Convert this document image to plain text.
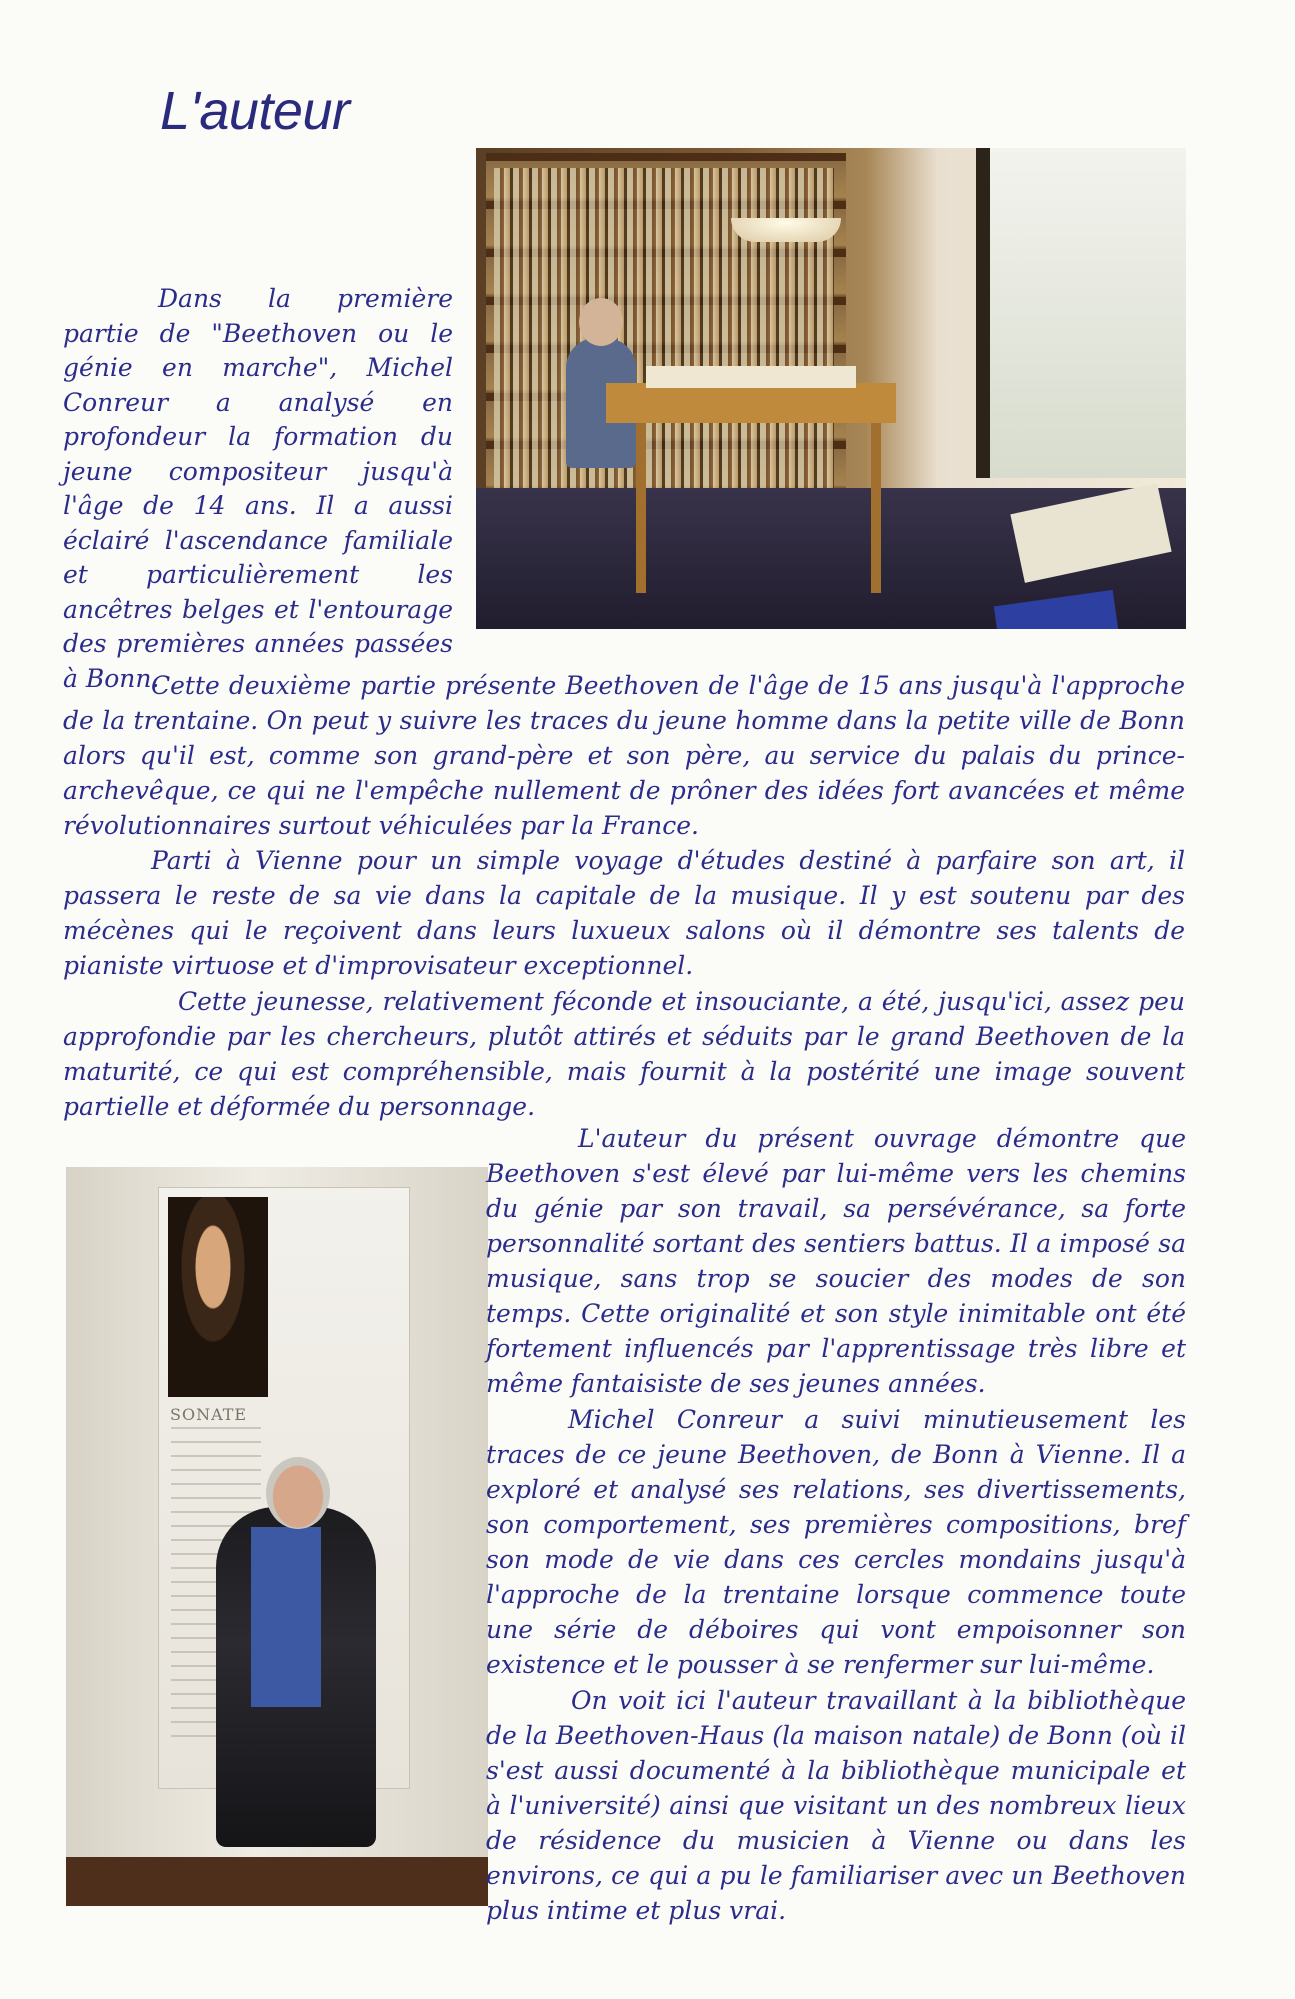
L'auteur

Dans la première partie de "Beethoven ou le génie en marche", Michel Conreur a analysé en profondeur la formation du jeune compositeur jusqu'à l'âge de 14 ans. Il a aussi éclairé l'ascendance familiale et particulièrement les ancêtres belges et l'entourage des premières années passées à Bonn.

Cette deuxième partie présente Beethoven de l'âge de 15 ans jusqu'à l'approche de la trentaine. On peut y suivre les traces du jeune homme dans la petite ville de Bonn alors qu'il est, comme son grand-père et son père, au service du palais du prince-archevêque, ce qui ne l'empêche nullement de prôner des idées fort avancées et même révolutionnaires surtout véhiculées par la France.

Parti à Vienne pour un simple voyage d'études destiné à parfaire son art, il passera le reste de sa vie dans la capitale de la musique. Il y est soutenu par des mécènes qui le reçoivent dans leurs luxueux salons où il démontre ses talents de pianiste virtuose et d'improvisateur exceptionnel.

Cette jeunesse, relativement féconde et insouciante, a été, jusqu'ici, assez peu approfondie par les chercheurs, plutôt attirés et séduits par le grand Beethoven de la maturité, ce qui est compréhensible, mais fournit à la postérité une image souvent partielle et déformée du personnage.

SONATE

L'auteur du présent ouvrage démontre que Beethoven s'est élevé par lui-même vers les chemins du génie par son travail, sa persévérance, sa forte personnalité sortant des sentiers battus. Il a imposé sa musique, sans trop se soucier des modes de son temps. Cette originalité et son style inimitable ont été fortement influencés par l'apprentissage très libre et même fantaisiste de ses jeunes années.

Michel Conreur a suivi minutieusement les traces de ce jeune Beethoven, de Bonn à Vienne. Il a exploré et analysé ses relations, ses divertissements, son comportement, ses premières compositions, bref son mode de vie dans ces cercles mondains jusqu'à l'approche de la trentaine lorsque commence toute une série de déboires qui vont empoisonner son existence et le pousser à se renfermer sur lui-même.

On voit ici l'auteur travaillant à la bibliothèque de la Beethoven-Haus (la maison natale) de Bonn (où il s'est aussi documenté à la bibliothèque municipale et à l'université) ainsi que visitant un des nombreux lieux de résidence du musicien à Vienne ou dans les environs, ce qui a pu le familiariser avec un Beethoven plus intime et plus vrai.
